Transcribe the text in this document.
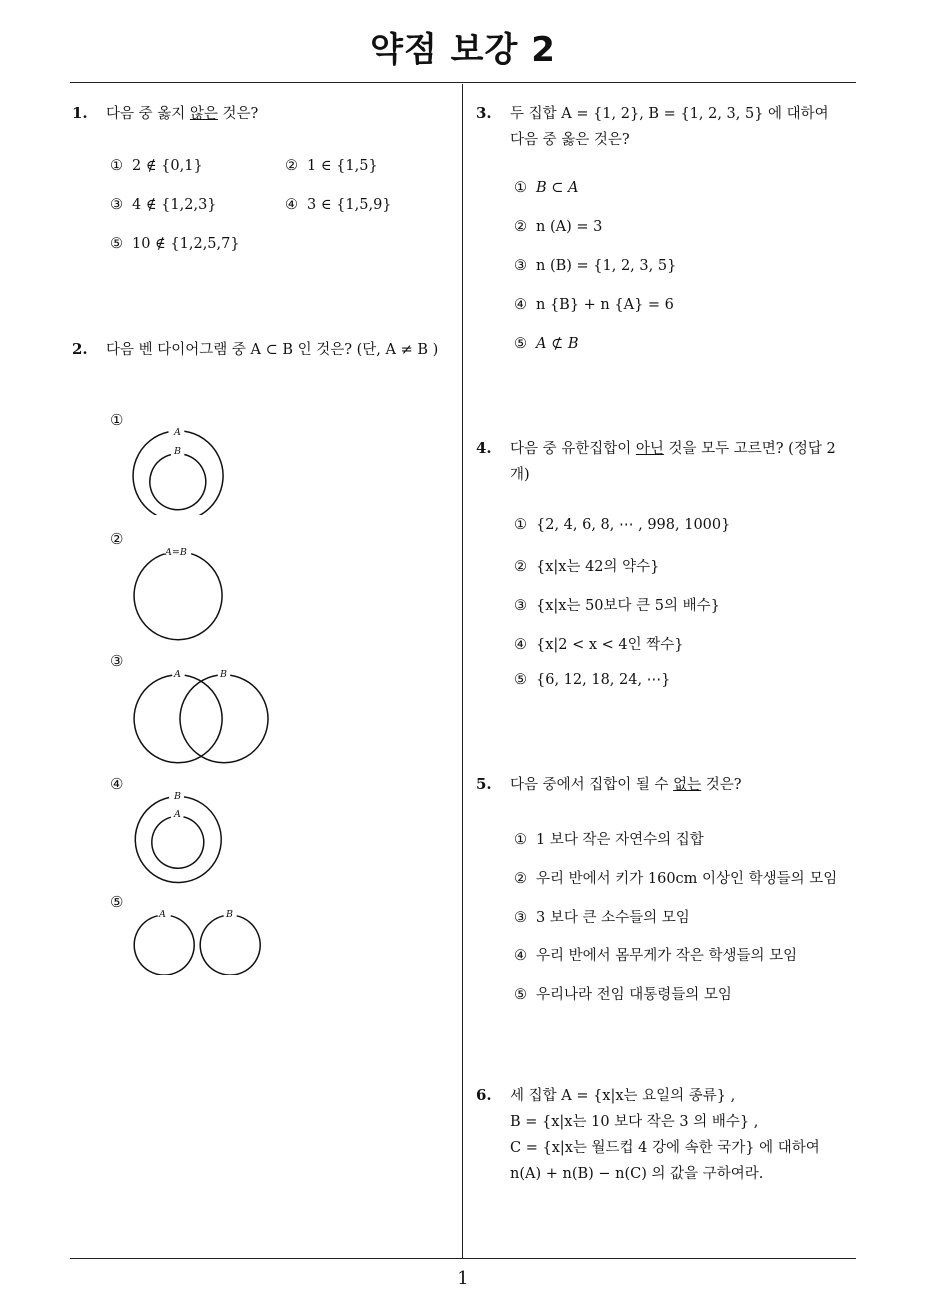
약점 보강 2
1
1. 다음 중 옳지 않은 것은?
① 2 ∉ {0,1}	② 1 ∈ {1,5}
③ 4 ∉ {1,2,3}	④ 3 ∈ {1,5,9}
⑤ 10 ∉ {1,2,5,7}
2. 다음 벤 다이어그램 중 A ⊂ B 인 것은? (단, A ≠ B )
①
A
B
②
A=B
③
A	B
④
B
A
⑤
A	B
3. 두 집합 A = {1, 2}, B = {1, 2, 3, 5} 에 대하여
다음 중 옳은 것은?
① B ⊂ A
② n (A) = 3
③ n (B) = {1, 2, 3, 5}
④ n {B} + n {A} = 6
⑤ A ⊄ B
4. 다음 중 유한집합이 아닌 것을 모두 고르면? (정답 2
개)
① {2, 4, 6, 8, ⋯ , 998, 1000}
② {x|x는 42의 약수}
③ {x|x는 50보다 큰 5의 배수}
④ {x|2 < x < 4인 짝수}
⑤ {6, 12, 18, 24, ⋯}
5. 다음 중에서 집합이 될 수 없는 것은?
① 1 보다 작은 자연수의 집합
② 우리 반에서 키가 160cm 이상인 학생들의 모임
③ 3 보다 큰 소수들의 모임
④ 우리 반에서 몸무게가 작은 학생들의 모임
⑤ 우리나라 전임 대통령들의 모임
6. 세 집합 A = {x|x는 요일의 종류} ,
B = {x|x는 10 보다 작은 3 의 배수} ,
C = {x|x는 월드컵 4 강에 속한 국가} 에 대하여
n(A) + n(B) − n(C) 의 값을 구하여라.
